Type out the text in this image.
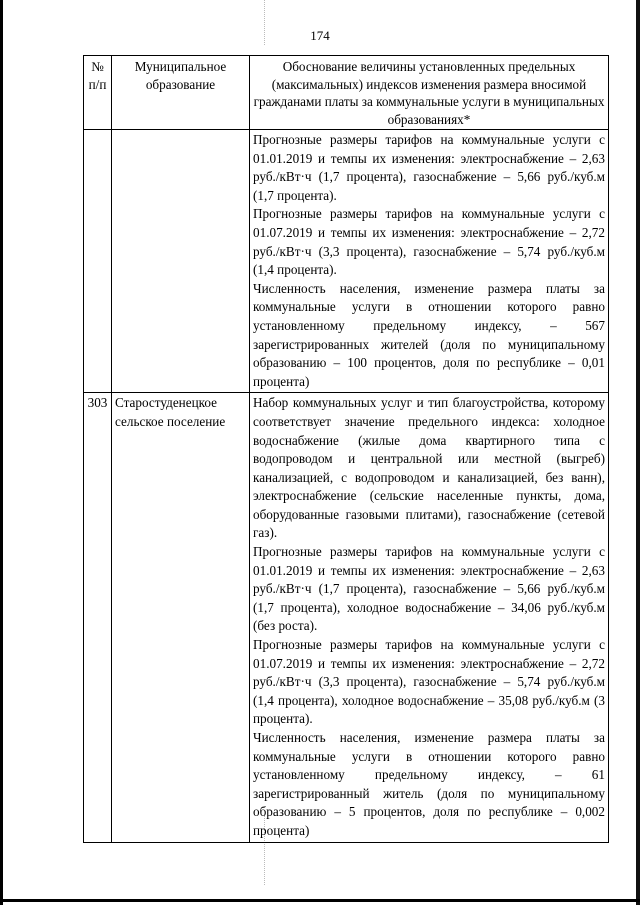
174
№ п/п	Муниципальное образование	Обоснование величины установленных предельных (максимальных) индексов изменения размера вносимой гражданами платы за коммунальные услуги в муниципальных образованиях*

		Прогнозные размеры тарифов на коммунальные услуги с 01.01.2019 и темпы их изменения: электроснабжение – 2,63 руб./кВт·ч (1,7 процента), газоснабжение – 5,66 руб./куб.м (1,7 процента).

Прогнозные размеры тарифов на коммунальные услуги с 01.07.2019 и темпы их изменения: электроснабжение – 2,72 руб./кВт·ч (3,3 процента), газоснабжение – 5,74 руб./куб.м (1,4 процента).

Численность населения, изменение размера платы за коммунальные услуги в отношении которого равно установленному предельному индексу, – 567 зарегистрированных жителей (доля по муниципальному образованию – 100 процентов, доля по республике – 0,01 процента)

303	Старостуденецкое сельское поселение	Набор коммунальных услуг и тип благоустройства, которому соответствует значение предельного индекса: холодное водоснабжение (жилые дома квартирного типа с водопроводом и центральной или местной (выгреб) канализацией, с водопроводом и канализацией, без ванн), электроснабжение (сельские населенные пункты, дома, оборудованные газовыми плитами), газоснабжение (сетевой газ).

Прогнозные размеры тарифов на коммунальные услуги с 01.01.2019 и темпы их изменения: электроснабжение – 2,63 руб./кВт·ч (1,7 процента), газоснабжение – 5,66 руб./куб.м (1,7 процента), холодное водоснабжение – 34,06 руб./куб.м (без роста).

Прогнозные размеры тарифов на коммунальные услуги с 01.07.2019 и темпы их изменения: электроснабжение – 2,72 руб./кВт·ч (3,3 процента), газоснабжение – 5,74 руб./куб.м (1,4 процента), холодное водоснабжение – 35,08 руб./куб.м (3 процента).

Численность населения, изменение размера платы за коммунальные услуги в отношении которого равно установленному предельному индексу, – 61 зарегистрированный житель (доля по муниципальному образованию – 5 процентов, доля по республике – 0,002 процента)
